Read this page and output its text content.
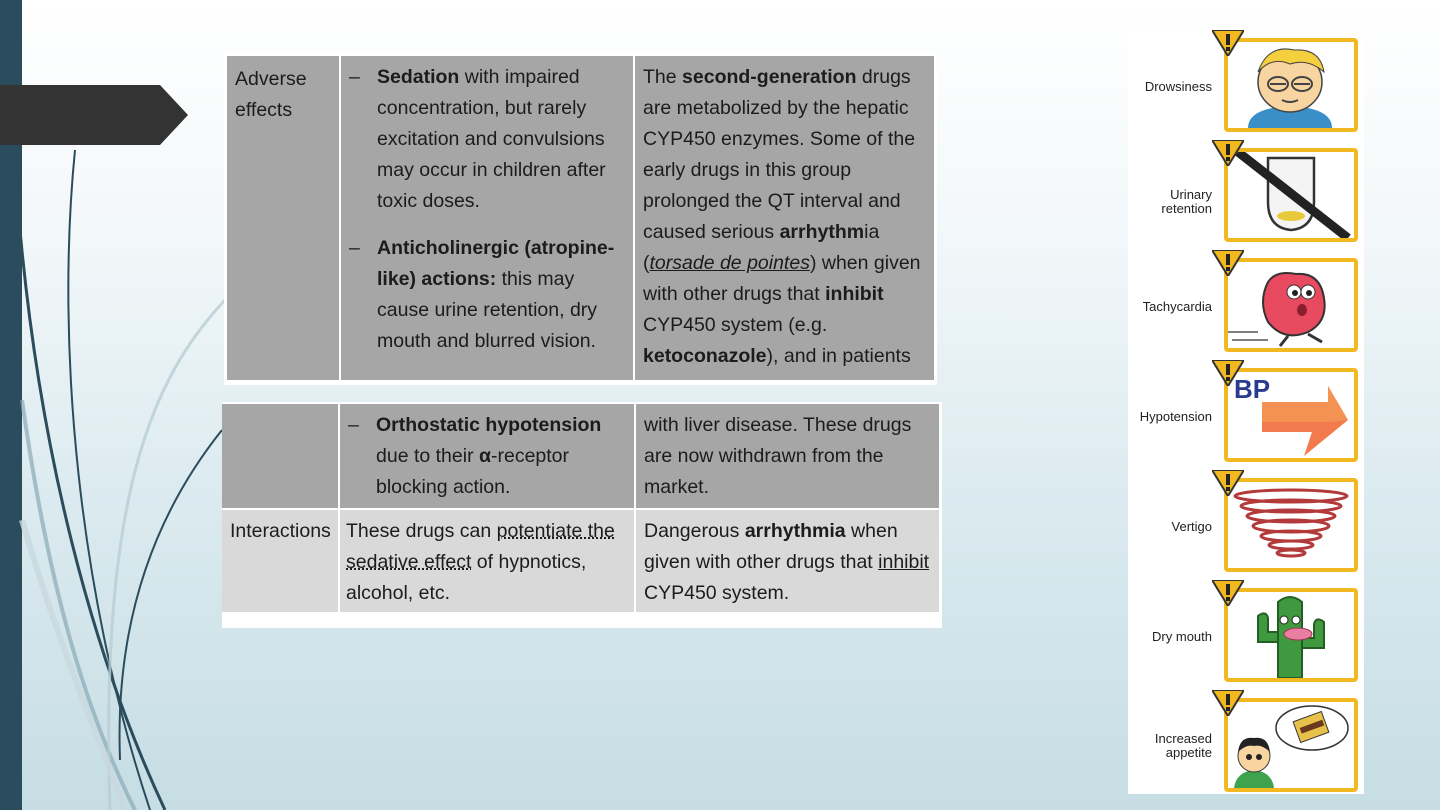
Adverse effects
– Sedation with impaired concentration, but rarely excitation and convulsions may occur in children after toxic doses.
– Anticholinergic (atropine-like) actions: this may cause urine retention, dry mouth and blurred vision.
The second-generation drugs are metabolized by the hepatic CYP450 enzymes. Some of the early drugs in this group prolonged the QT interval and caused serious arrhythmia (torsade de pointes) when given with other drugs that inhibit CYP450 system (e.g. ketoconazole), and in patients
– Orthostatic hypotension due to their α-receptor blocking action.
with liver disease. These drugs are now withdrawn from the market.
Interactions These drugs can potentiate the sedative effect of hypnotics, alcohol, etc.
Dangerous arrhythmia when given with other drugs that inhibit CYP450 system.
Drowsiness
Urinary retention
Tachycardia
Hypotension
BP
Vertigo
Dry mouth
Increased appetite
